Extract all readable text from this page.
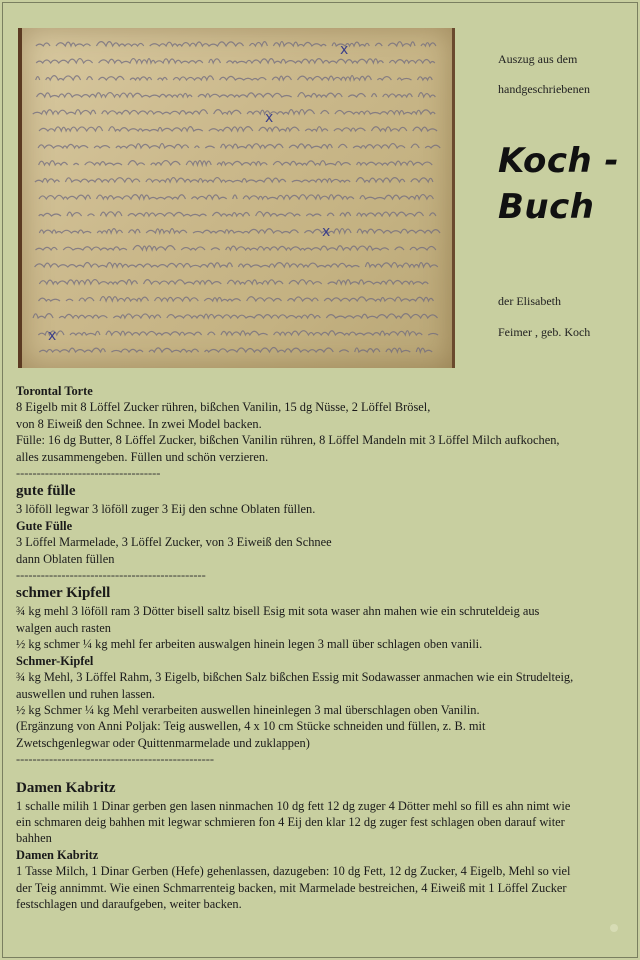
x
x
x
x
Auszug aus dem
handgeschriebenen
Koch -
Buch
der Elisabeth
Feimer , geb. Koch

Torontal Torte

8 Eigelb mit 8 Löffel Zucker rühren, bißchen Vanilin, 15 dg Nüsse, 2 Löffel Brösel,

von 8 Eiweiß den Schnee. In zwei Model backen.

Fülle: 16 dg Butter, 8 Löffel Zucker, bißchen Vanilin rühren, 8 Löffel Mandeln mit 3 Löffel Milch aufkochen,

alles zusammengeben. Füllen und schön verzieren.

-----------------------------------

gute fülle

3 löföll legwar 3 löföll zuger 3 Eij den schne Oblaten füllen.

Gute Fülle

3 Löffel Marmelade, 3 Löffel Zucker, von 3 Eiweiß den Schnee

dann Oblaten füllen

----------------------------------------------

schmer Kipfell

¾ kg mehl 3 löföll ram 3 Dötter bisell saltz bisell Esig mit sota waser ahn mahen wie ein schruteldeig aus

walgen auch rasten

½ kg schmer ¼ kg mehl fer arbeiten auswalgen hinein legen 3 mall über schlagen oben vanili.

Schmer-Kipfel

¾ kg Mehl, 3 Löffel Rahm, 3 Eigelb, bißchen Salz bißchen Essig mit Sodawasser anmachen wie ein Strudelteig,

auswellen und ruhen lassen.

½ kg Schmer ¼ kg Mehl verarbeiten auswellen hineinlegen 3 mal überschlagen oben Vanilin.

(Ergänzung von Anni Poljak: Teig auswellen, 4 x 10 cm Stücke schneiden und füllen, z. B. mit

Zwetschgenlegwar oder Quittenmarmelade und zuklappen)

------------------------------------------------

Damen Kabritz

1 schalle milih 1 Dinar gerben gen lasen ninmachen 10 dg fett 12 dg zuger 4 Dötter mehl so fill es ahn nimt wie

ein schmaren deig bahhen mit legwar schmieren fon 4 Eij den klar 12 dg zuger fest schlagen oben darauf witer

bahhen

Damen Kabritz

1 Tasse Milch, 1 Dinar Gerben (Hefe) gehenlassen, dazugeben: 10 dg Fett, 12 dg Zucker, 4 Eigelb, Mehl so viel

der Teig annimmt. Wie einen Schmarrenteig backen, mit Marmelade bestreichen, 4 Eiweiß mit 1 Löffel Zucker

festschlagen und daraufgeben, weiter backen.
